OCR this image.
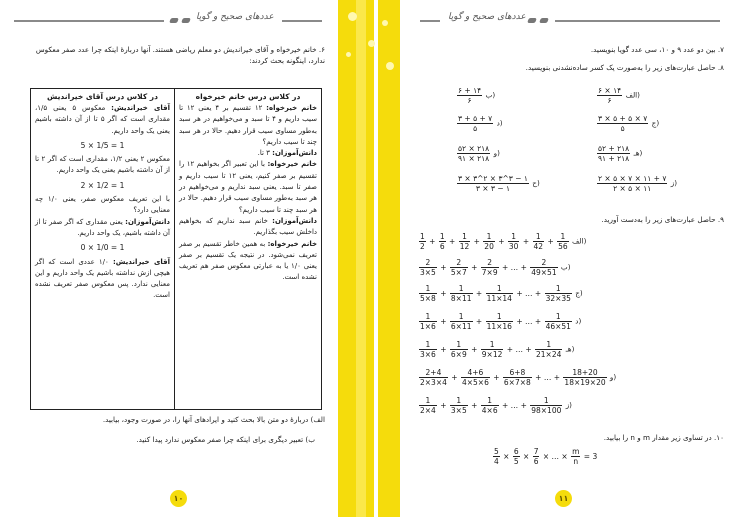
عددهای صحیح و گویا
۶. خانم خیرخواه و آقای خیراندیش دو معلم ریاضی هستند. آنها دربارهٔ اینکه چرا عدد صفر معکوس ندارد، اینگونه بحث کردند:
در کلاس درس خانم خیرخواه
خانم خیرخواه: ۱۲ تقسیم بر ۴ یعنی ۱۲ تا سیب داریم و ۴ تا سبد و می‌خواهیم در هر سبد به‌طور مساوی سیب قرار دهیم. حالا در هر سبد چند تا سیب داریم؟
دانش‌آموزان: ۳ تا.
خانم خیرخواه: با این تعبیر اگر بخواهیم ۱۲ را تقسیم بر صفر کنیم، یعنی ۱۲ تا سیب داریم و صفر تا سبد. یعنی سبد نداریم و می‌خواهیم در هر سبد به‌طور مساوی سیب قرار دهیم. حالا در هر سبد چند تا سیب داریم؟
دانش‌آموزان: خانم سبد نداریم که بخواهیم داخلش سیب بگذاریم.
خانم خیرخواه: به همین خاطر تقسیم بر صفر تعریف نمی‌شود. در نتیجه یک تقسیم بر صفر یعنی ۱/۰ یا به عبارتی معکوس صفر هم تعریف نشده است.
در کلاس درس آقای خیراندیش
آقای خیراندیش: معکوس ۵ یعنی ۱/۵، مقداری است که اگر ۵ تا از آن داشته باشیم یعنی یک واحد داریم.
5 × 1/5 = 1
معکوس ۲ یعنی ۱/۲، مقداری است که اگر ۲ تا از آن داشته باشیم یعنی یک واحد داریم.
2 × 1/2 = 1
با این تعریف معکوس صفر، یعنی ۱/۰ چه معنایی دارد؟
دانش‌آموزان: یعنی مقداری که اگر صفر تا از آن داشته باشیم، یک واحد داریم.
0 × 1/0 = 1
آقای خیراندیش: ۱/۰ عددی است که اگر هیچی ازش نداشته باشیم یک واحد داریم و این معنایی ندارد. پس معکوس صفر تعریف نشده است.
الف) دربارهٔ دو متن بالا بحث کنید و ایرادهای آنها را، در صورت وجود، بیابید.
ب) تعبیر دیگری برای اینکه چرا صفر معکوس ندارد پیدا کنید.
۱۰
عددهای صحیح و گویا
۷. بین دو عدد ۹ و ۱۰، سی عدد گویا بنویسید.
۸. حاصل عبارت‌های زیر را به‌صورت یک کسر ساده‌نشدنی بنویسید.
$\frac{۶ \times ۱۴}{۶}$ الف)
$\frac{۶ + ۱۴}{۶}$ ب)
$\frac{۳ \times ۵ + ۵ \times ۷}{۵}$ ج)
$\frac{۳ + ۵ + ۷}{۵}$ د)
$\frac{۵۲ + ۲۱۸}{۹۱ + ۲۱۸}$ هـ)
$\frac{۵۲ \times ۲۱۸}{۹۱ \times ۲۱۸}$ و)
$\frac{۲ \times ۵ \times ۷ \times ۱۱ + ۷}{۲ \times ۵ \times ۱۱}$ ز)
$\frac{۳ \times ۳\^{}۲ \times ۳\^{}۳ - ۱}{۳ \times ۳ - ۱}$ ح)
۹. حاصل عبارت‌های زیر را به‌دست آورید.
$\frac{1}{2} + \frac{1}{6} + \frac{1}{12} + \frac{1}{20} + \frac{1}{30} + \frac{1}{42} + \frac{1}{56}$ الف)
$\frac{2}{3\times 5} + \frac{2}{5\times 7} + \frac{2}{7\times 9}$ + … + $\frac{2}{49\times 51}$ ب)
$\frac{1}{5\times 8} + \frac{1}{8\times 11} + \frac{1}{11\times 14}$ + … + $\frac{1}{32\times 35}$ ج)
$\frac{1}{1\times 6} + \frac{1}{6\times 11} + \frac{1}{11\times 16}$ + … + $\frac{1}{46\times 51}$ د)
$\frac{1}{3\times 6} + \frac{1}{6\times 9} + \frac{1}{9\times 12}$ + … + $\frac{1}{21\times 24}$ هـ)
$\frac{2+4}{2\times 3\times 4} + \frac{4+6}{4\times 5\times 6} + \frac{6+8}{6\times 7\times 8}$ + … + $\frac{18+20}{18\times 19\times 20}$ و)
$\frac{1}{2\times 4} + \frac{1}{3\times 5} + \frac{1}{4\times 6}$ + … + $\frac{1}{98\times 100}$ ز)
۱۰. در تساوی زیر مقدار m و n را بیابید.
$\frac{5}{4} \times \frac{6}{5} \times \frac{7}{6}$ × … × $\frac{m}{n} = 3$
۱۱
